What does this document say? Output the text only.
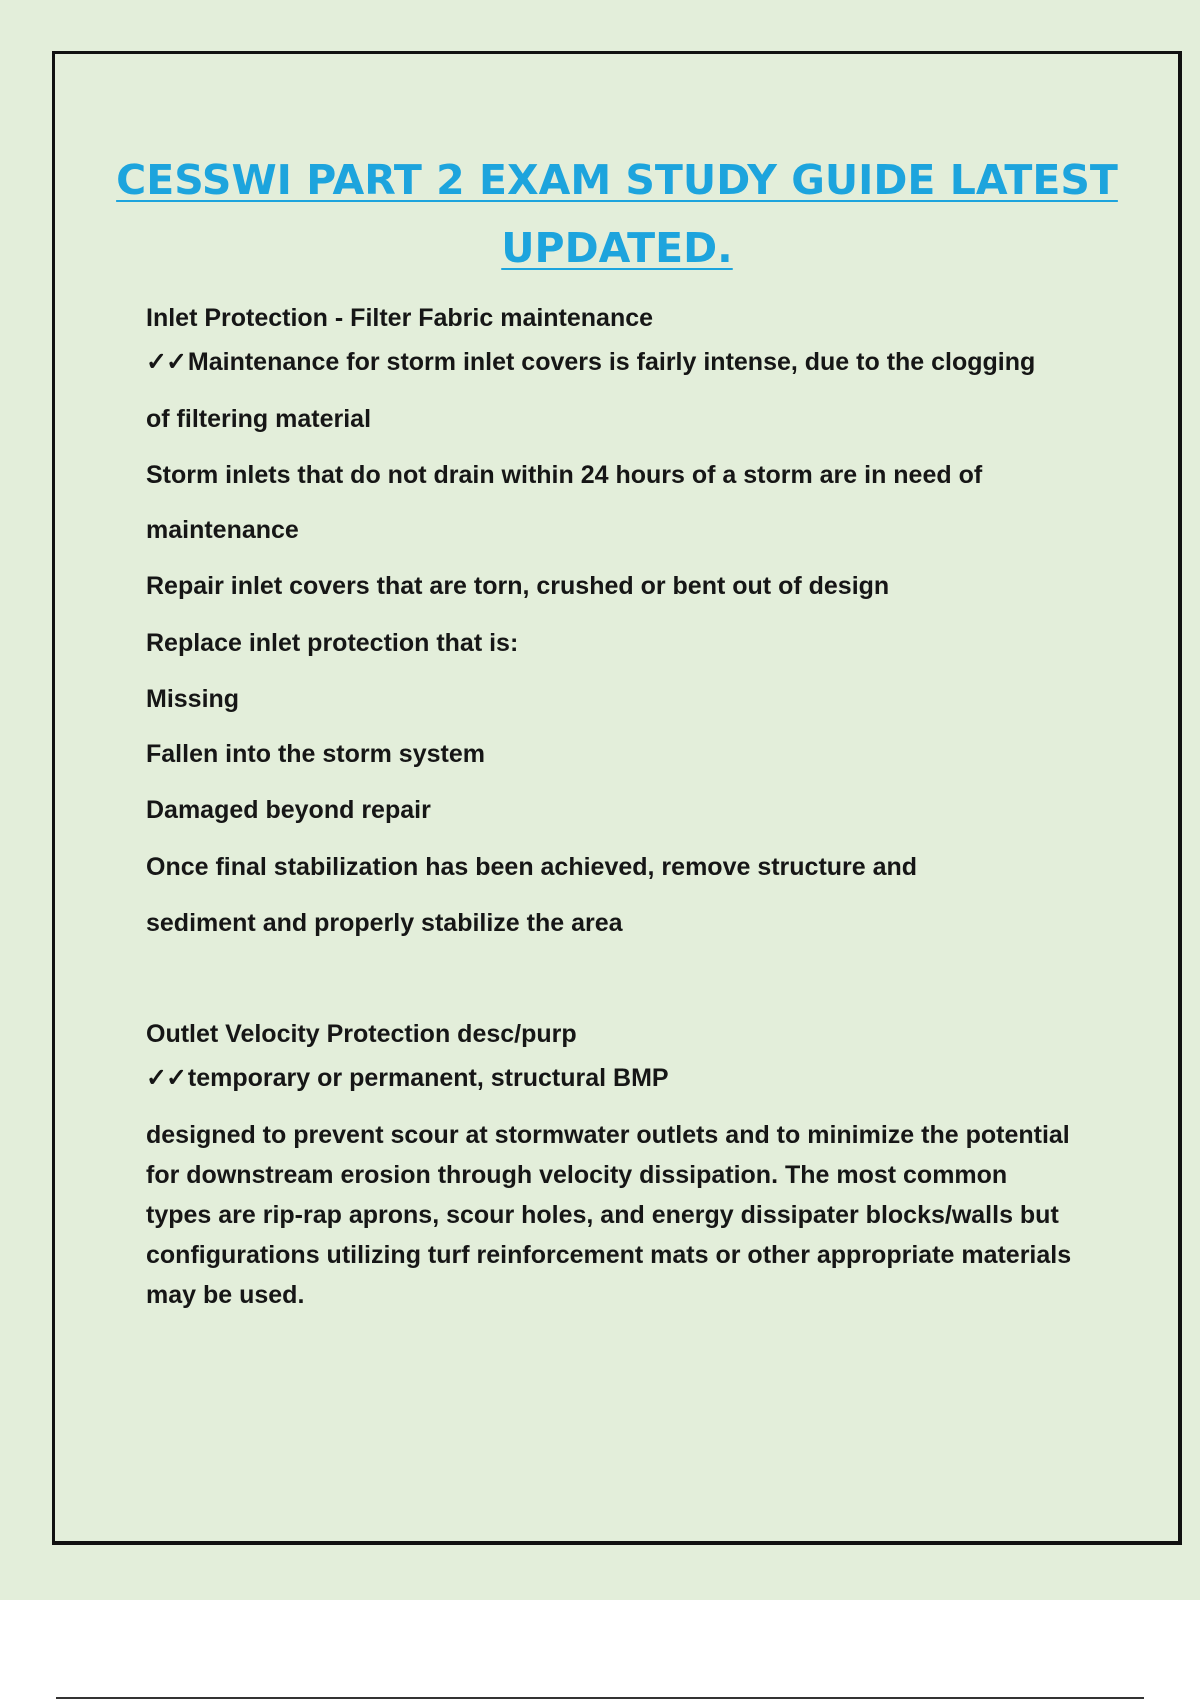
CESSWI PART 2 EXAM STUDY GUIDE LATEST
UPDATED.
Inlet Protection - Filter Fabric maintenance
✓✓Maintenance for storm inlet covers is fairly intense, due to the clogging
of filtering material
Storm inlets that do not drain within 24 hours of a storm are in need of
maintenance
Repair inlet covers that are torn, crushed or bent out of design
Replace inlet protection that is:
Missing
Fallen into the storm system
Damaged beyond repair
Once final stabilization has been achieved, remove structure and
sediment and properly stabilize the area
Outlet Velocity Protection desc/purp
✓✓temporary or permanent, structural BMP
designed to prevent scour at stormwater outlets and to minimize the potential for downstream erosion through velocity dissipation. The most common types are rip-rap aprons, scour holes, and energy dissipater blocks/walls but configurations utilizing turf reinforcement mats or other appropriate materials may be used.
